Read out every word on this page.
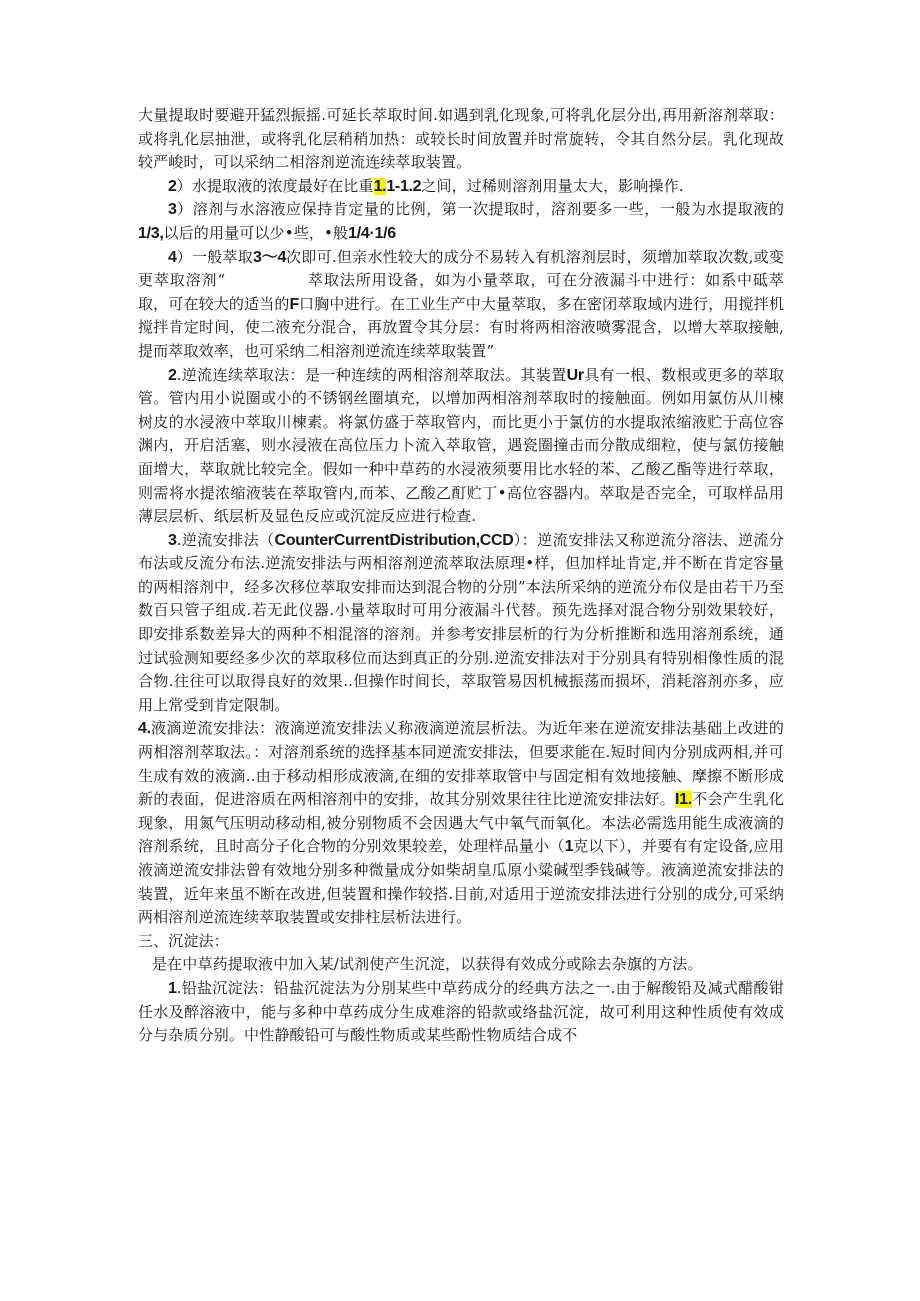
大量提取时要避开猛烈振摇.可延长萃取时间.如遇到乳化现象,可将乳化层分出,再用新溶剂萃取：或将乳化层抽泄，或将乳化层稍稍加热：或较长时间放置并时常旋转，令其自然分层。乳化现故较严峻时，可以采纳二相溶剂逆流连续萃取装置。

2）水提取液的浓度最好在比重1.1-1.2之间，过稀则溶剂用量太大，影响操作.

3）溶剂与水溶液应保持肯定量的比例，第一次提取时，溶剂要多一些，一般为水提取液的1/3,以后的用量可以少•些，•般1/4·1/6

4）一般萃取3～4次即可.但亲水性较大的成分不易转入有机溶剂层时，须增加萃取次数,或变更萃取溶剂“	萃取法所用设备，如为小量萃取，可在分液漏斗中进行：如系中砥萃取，可在较大的适当的F口胸中进行。在工业生产中大量萃取，多在密闭萃取域内进行，用搅拌机搅拌肯定时间，使二液充分混合，再放置令其分层：有时将两相溶液喷雾混含，以增大萃取接触,提而萃取效率，也可采纳二相溶剂逆流连续萃取装置”

2.逆流连续萃取法：是一种连续的两相溶剂萃取法。其装置Ur具有一根、数根或更多的萃取管。管内用小说圈或小的不锈钢丝圈填充，以增加两相溶剂萃取时的接触面。例如用氯仿从川楝树皮的水浸液中萃取川楝素。将氯仿盛于萃取管内，而比更小于氯仿的水提取浓缩液贮于高位容渊内，开启活塞，则水浸液在高位压力卜流入萃取管，遇瓷圈撞击而分散成细粒，使与氯仿接触面增大，萃取就比较完全。假如一种中草药的水浸液须要用比水轻的苯、乙酸乙酯等进行萃取，则需将水提浓缩液装在萃取管内,而苯、乙酸乙酊贮丁•高位容器内。萃取是否完全，可取样品用薄层层析、纸层析及显色反应或沉淀反应进行检查.

3.逆流安排法（CounterCurrentDistribution,CCD）：逆流安排法又称逆流分溶法、逆流分布法或反流分布法.逆流安排法与两相溶剂逆流萃取法原理•样，但加样址肯定,并不断在肯定容量的两相溶剂中，经多次移位萃取安排而达到混合物的分別”本法所采纳的逆流分布仪是由若干乃至数百只管子组成.若无此仪器.小量萃取时可用分液漏斗代替。预先选择对混合物分别效果较好，即安排系数差异大的两种不相混溶的溶剂。并参考安排层析的行为分析推断和选用溶剂系统，通过试验测知要经多少次的萃取移位而达到真正的分别.逆流安排法对于分别具有特别相像性质的混合物.往往可以取得良好的效果..但操作时间长，萃取管易因机械振荡而损坏，消耗溶剂亦多，应用上常受到肯定限制。

4.液滴逆流安排法：液滴逆流安排法乂称液滴逆流层析法。为近年来在逆流安排法基础上改进的两相溶剂萃取法。：对溶剂系统的选择基本同逆流安排法，但要求能在.短时间内分别成两相,并可生成有效的液滴..由于移动相形成液滴,在细的安排萃取管中与固定相有效地接触、摩擦不断形成新的表面，促进溶质在两相溶剂中的安排，故其分别效果往往比逆流安排法好。I1.不会产生乳化现象，用氮气压明动移动相,被分别物质不会因遇大气中氧气而氧化。本法必需选用能生成液滴的溶剂系统，且时高分子化合物的分别效果较差，处理样品量小（1克以下），并要有有定设备,应用液滴逆流安排法曾有效地分别多种微量成分如柴胡皇瓜原小粱碱型季钱碱等。液滴逆流安排法的装置，近年来虽不断在改进,但装置和操作较搭.目前,对适用于逆流安排法进行分别的成分,可采纳两相溶剂逆流连续萃取装置或安排柱层析法进行。

三、沉淀法：

是在中草药提取液中加入某/试剂使产生沉淀，以获得有效成分或除去杂旗的方法。

1.铅盐沉淀法：铅盐沉淀法为分別某些中草药成分的经典方法之一.由于解酸铅及减式醋酸钳任水及醉溶液中，能与多种中草药成分生成难溶的铅款或络盐沉淀，故可利用这种性质使有效成分与杂质分别。中性静酸铅可与酸性物质或某些酚性物质结合成不
